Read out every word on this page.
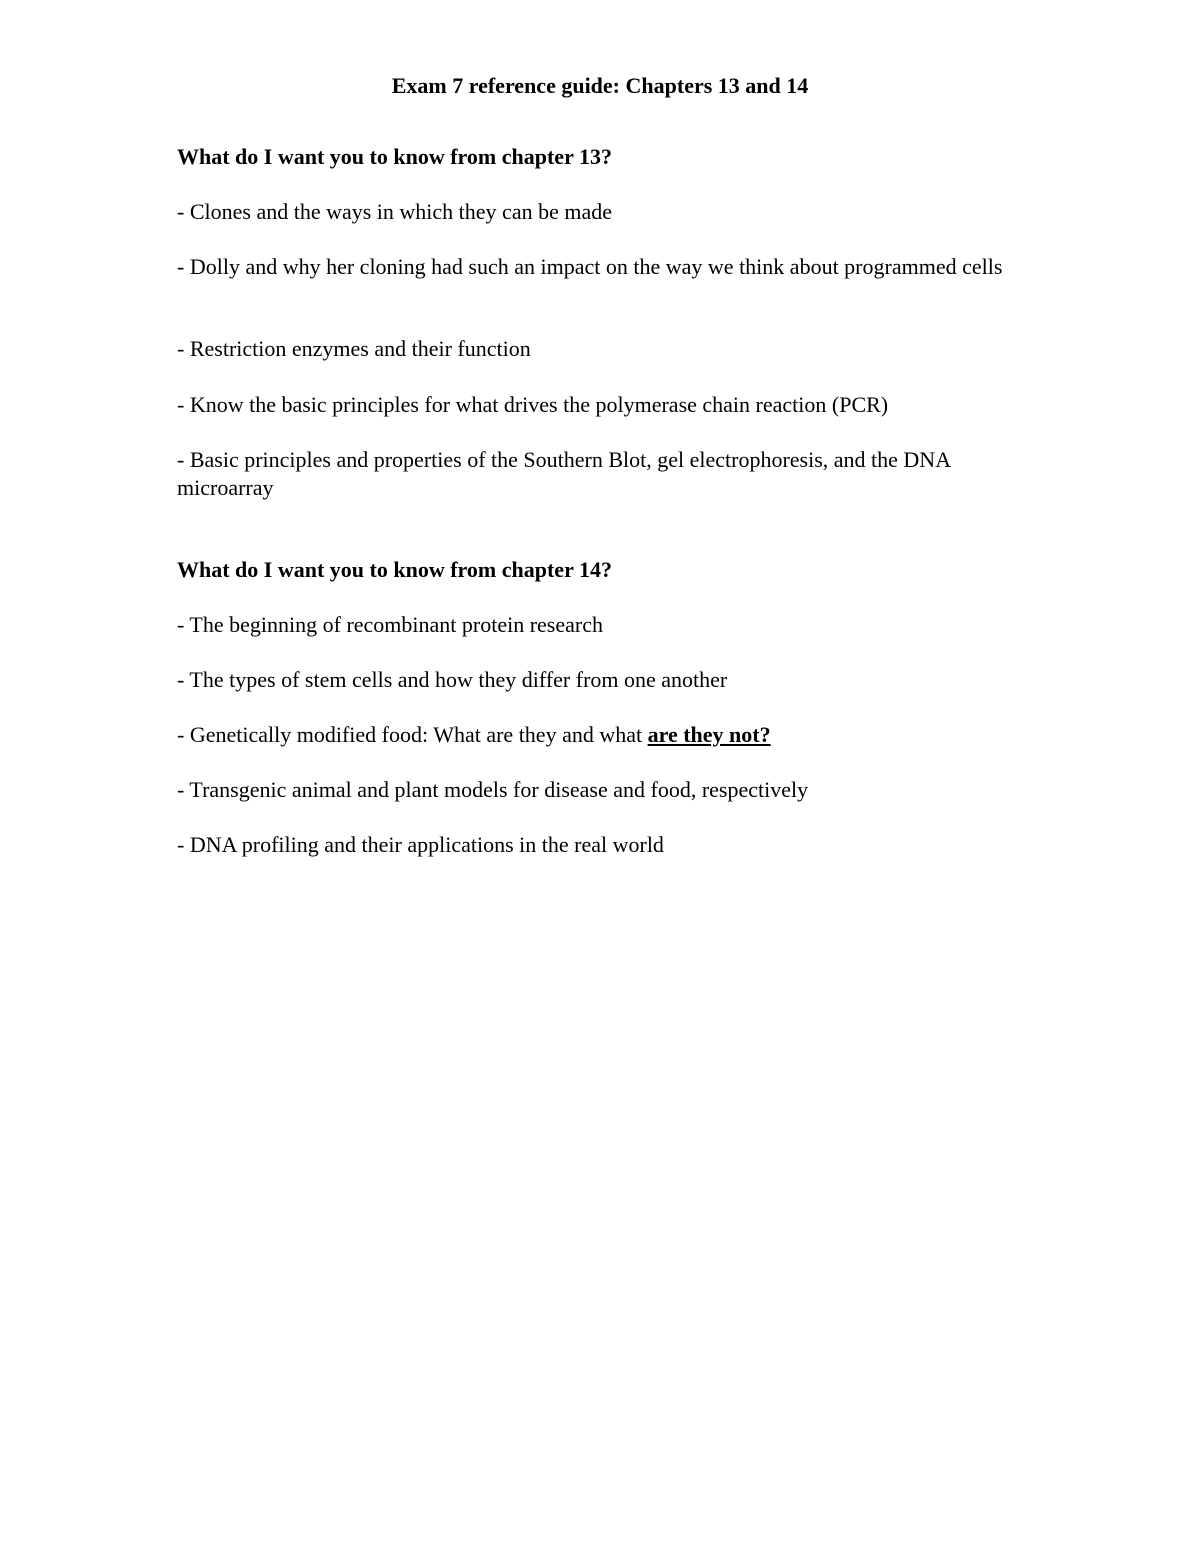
Exam 7 reference guide: Chapters 13 and 14
What do I want you to know from chapter 13?
- Clones and the ways in which they can be made
- Dolly and why her cloning had such an impact on the way we think about programmed cells
- Restriction enzymes and their function
- Know the basic principles for what drives the polymerase chain reaction (PCR)
- Basic principles and properties of the Southern Blot, gel electrophoresis, and the DNA microarray
What do I want you to know from chapter 14?
- The beginning of recombinant protein research
- The types of stem cells and how they differ from one another
- Genetically modified food: What are they and what are they not?
- Transgenic animal and plant models for disease and food, respectively
- DNA profiling and their applications in the real world
